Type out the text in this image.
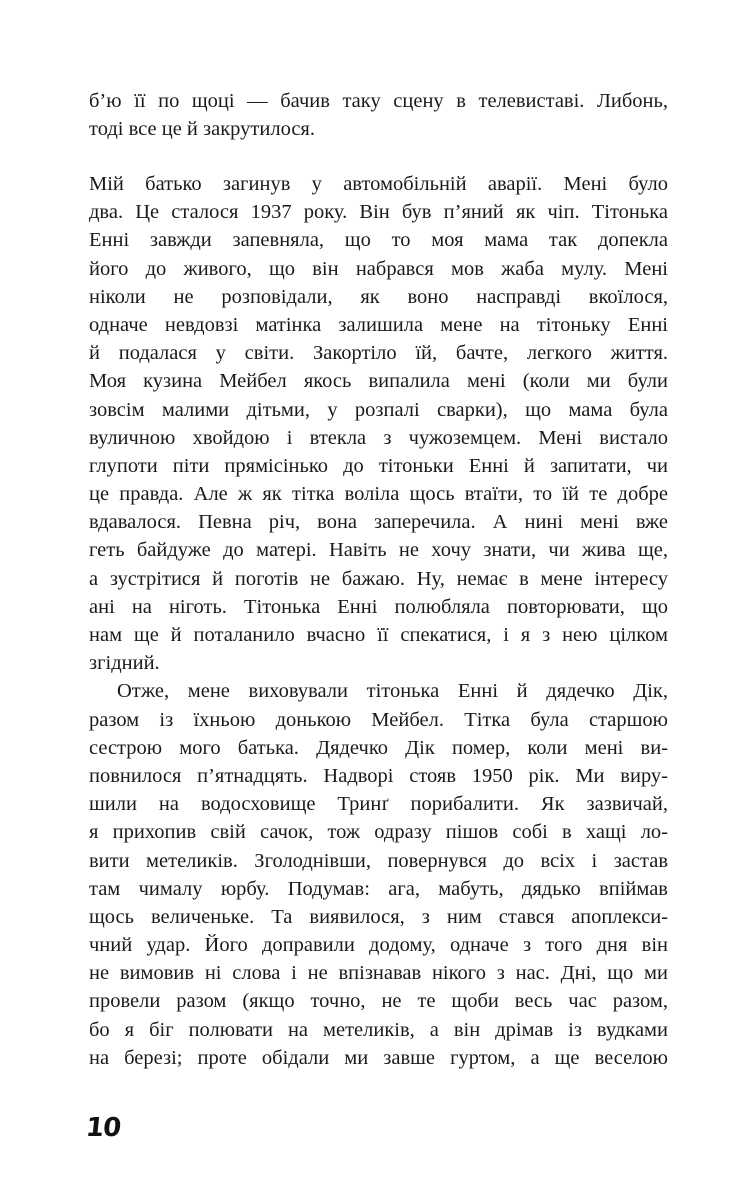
б’ю її по щоці — бачив таку сцену в телевиставі. Либонь,
тоді все це й закрутилося.
Мій батько загинув у автомобільній аварії. Мені було
два. Це сталося 1937 року. Він був п’яний як чіп. Тітонька
Енні завжди запевняла, що то моя мама так допекла
його до живого, що він набрався мов жаба мулу. Мені
ніколи не розповідали, як воно насправді вкоїлося,
одначе невдовзі матінка залишила мене на тітоньку Енні
й подалася у світи. Закортіло їй, бачте, легкого життя.
Моя кузина Мейбел якось випалила мені (коли ми були
зовсім малими дітьми, у розпалі сварки), що мама була
вуличною хвойдою і втекла з чужоземцем. Мені вистало
глупоти піти прямісінько до тітоньки Енні й запитати, чи
це правда. Але ж як тітка воліла щось втаїти, то їй те добре
вдавалося. Певна річ, вона заперечила. А нині мені вже
геть байдуже до матері. Навіть не хочу знати, чи жива ще,
а зустрітися й поготів не бажаю. Ну, немає в мене інтересу
ані на ніготь. Тітонька Енні полюбляла повторювати, що
нам ще й поталанило вчасно її спекатися, і я з нею цілком
згідний.
Отже, мене виховували тітонька Енні й дядечко Дік,
разом із їхньою донькою Мейбел. Тітка була старшою
сестрою мого батька. Дядечко Дік помер, коли мені ви-
повнилося п’ятнадцять. Надворі стояв 1950 рік. Ми виру-
шили на водосховище Тринґ порибалити. Як зазвичай,
я прихопив свій сачок, тож одразу пішов собі в хащі ло-
вити метеликів. Зголоднівши, повернувся до всіх і застав
там чималу юрбу. Подумав: ага, мабуть, дядько впіймав
щось величеньке. Та виявилося, з ним стався апоплекси-
чний удар. Його доправили додому, одначе з того дня він
не вимовив ні слова і не впізнавав нікого з нас. Дні, що ми
провели разом (якщо точно, не те щоби весь час разом,
бо я біг полювати на метеликів, а він дрімав із вудками
на березі; проте обідали ми завше гуртом, а ще веселою
10
